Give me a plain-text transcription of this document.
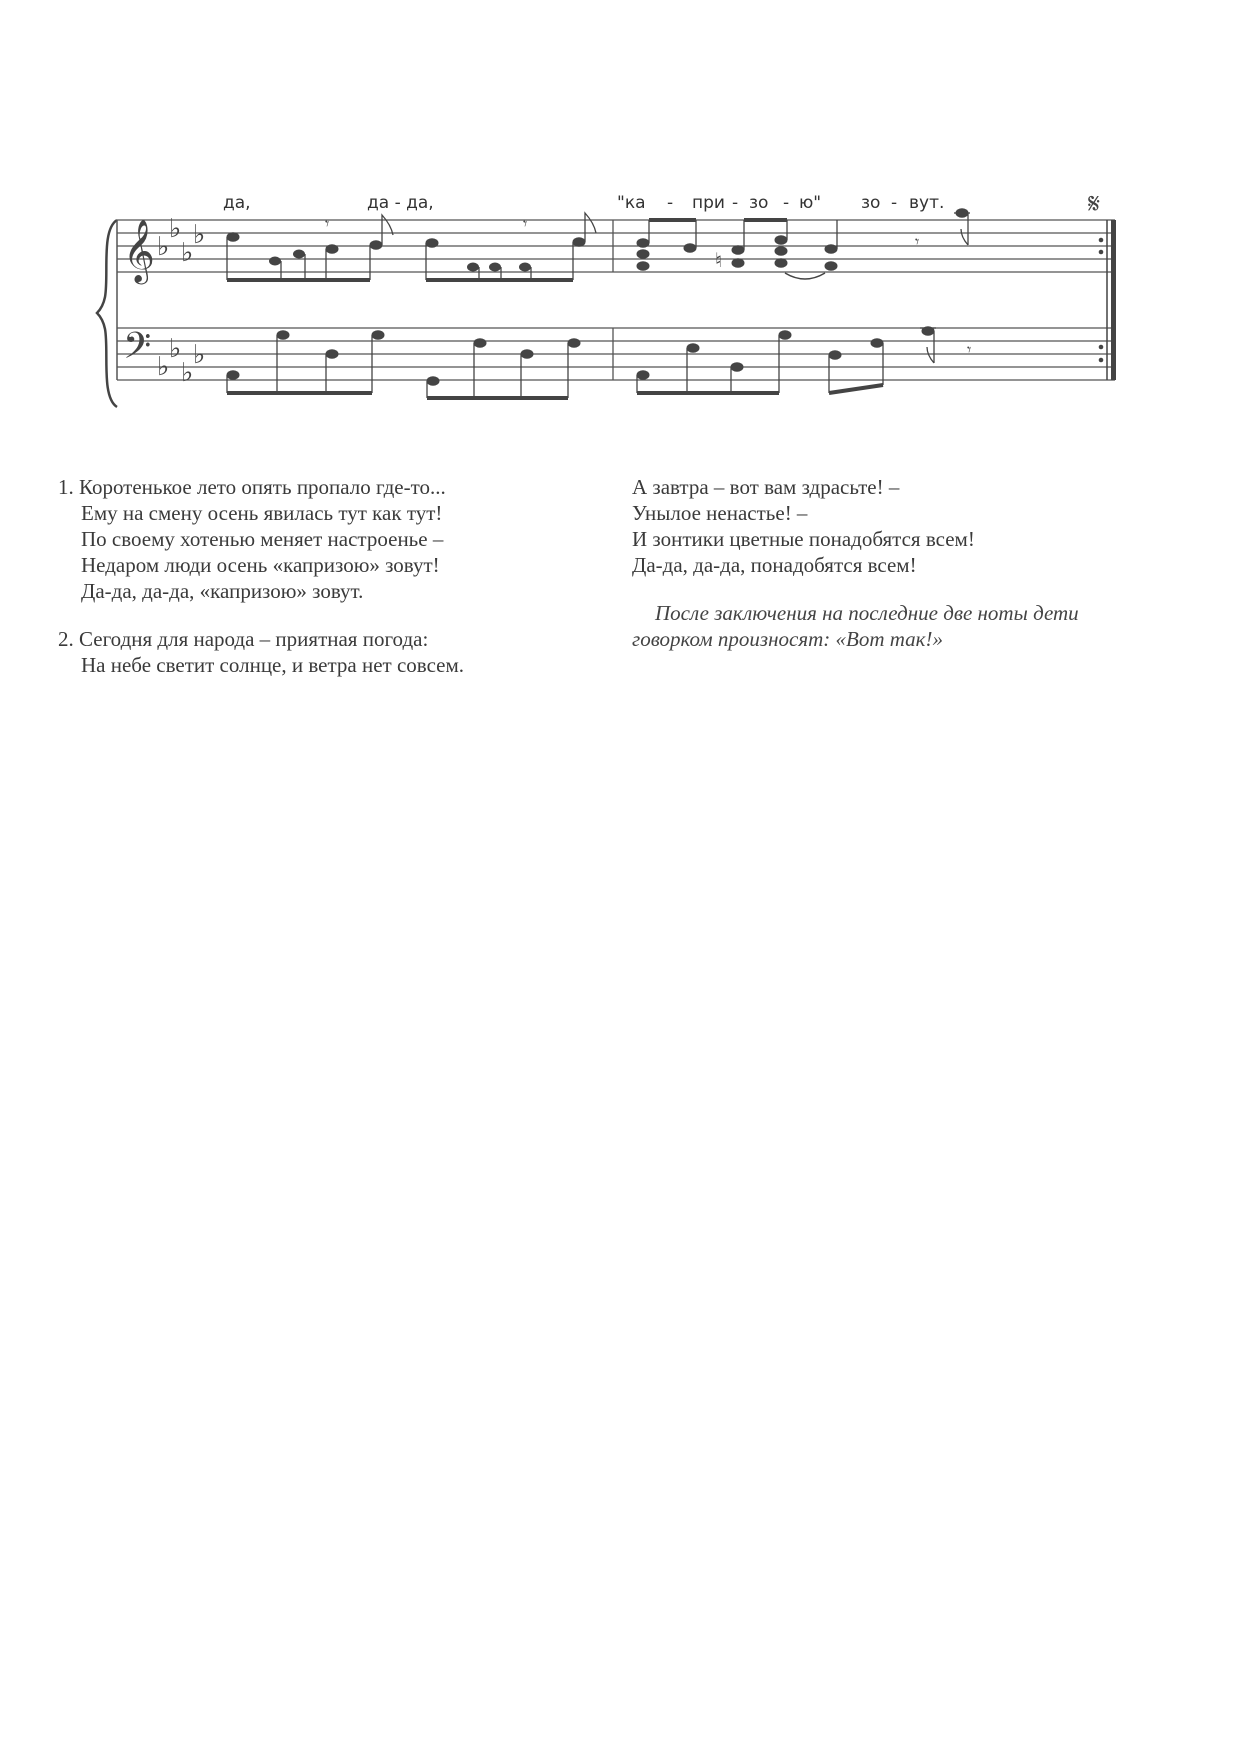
да,	да - да,	"ка - при - зо - ю" зо - вут.
𝄞
𝄢
♭
♭
♭
♭
♭
♭
♭
♭
𝄋
𝄾	𝄾
♮
𝄾
𝄾
1. Коротенькое лето опять пропало где-то...
Ему на смену осень явилась тут как тут!
По своему хотенью меняет настроенье –
Недаром люди осень «капризою» зовут!
Да-да, да-да, «капризою» зовут.
2. Сегодня для народа – приятная погода:
На небе светит солнце, и ветра нет совсем.
А завтра – вот вам здрасьте! –
Унылое ненастье! –
И зонтики цветные понадобятся всем!
Да-да, да-да, понадобятся всем!
После заключения на последние две ноты дети
говорком произносят: «Вот так!»
